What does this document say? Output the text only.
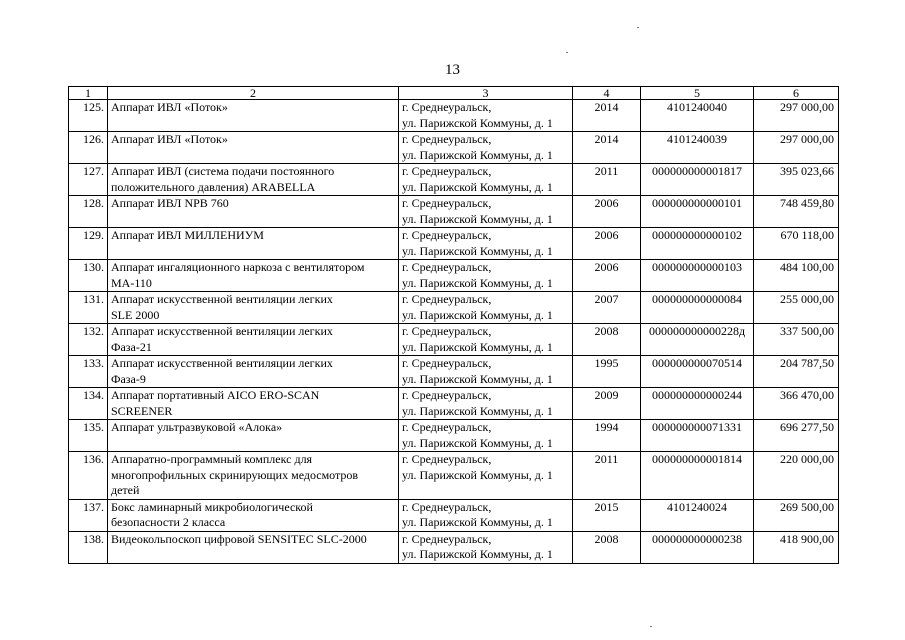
13
1	2	3	4	5	6
125.	Аппарат ИВЛ «Поток»	г. Среднеуральск,
ул. Парижской Коммуны, д. 1	2014	4101240040	297 000,00
126.	Аппарат ИВЛ «Поток»	г. Среднеуральск,
ул. Парижской Коммуны, д. 1	2014	4101240039	297 000,00
127.	Аппарат ИВЛ (система подачи постоянного
положительного давления) ARABELLA	г. Среднеуральск,
ул. Парижской Коммуны, д. 1	2011	000000000001817	395 023,66
128.	Аппарат ИВЛ NPB 760	г. Среднеуральск,
ул. Парижской Коммуны, д. 1	2006	000000000000101	748 459,80
129.	Аппарат ИВЛ МИЛЛЕНИУМ	г. Среднеуральск,
ул. Парижской Коммуны, д. 1	2006	000000000000102	670 118,00
130.	Аппарат ингаляционного наркоза с вентилятором
МА-110	г. Среднеуральск,
ул. Парижской Коммуны, д. 1	2006	000000000000103	484 100,00
131.	Аппарат искусственной вентиляции легких
SLE 2000	г. Среднеуральск,
ул. Парижской Коммуны, д. 1	2007	000000000000084	255 000,00
132.	Аппарат искусственной вентиляции легких
Фаза-21	г. Среднеуральск,
ул. Парижской Коммуны, д. 1	2008	000000000000228д	337 500,00
133.	Аппарат искусственной вентиляции легких
Фаза-9	г. Среднеуральск,
ул. Парижской Коммуны, д. 1	1995	000000000070514	204 787,50
134.	Аппарат портативный AICO ERO-SCAN
SCREENER	г. Среднеуральск,
ул. Парижской Коммуны, д. 1	2009	000000000000244	366 470,00
135.	Аппарат ультразвуковой «Алока»	г. Среднеуральск,
ул. Парижской Коммуны, д. 1	1994	000000000071331	696 277,50
136.	Аппаратно-программный комплекс для
многопрофильных скринирующих медосмотров
детей	г. Среднеуральск,
ул. Парижской Коммуны, д. 1	2011	000000000001814	220 000,00
137.	Бокс ламинарный микробиологической
безопасности 2 класса	г. Среднеуральск,
ул. Парижской Коммуны, д. 1	2015	4101240024	269 500,00
138.	Видеокольпоскоп цифровой SENSITEC SLC-2000	г. Среднеуральск,
ул. Парижской Коммуны, д. 1	2008	000000000000238	418 900,00
